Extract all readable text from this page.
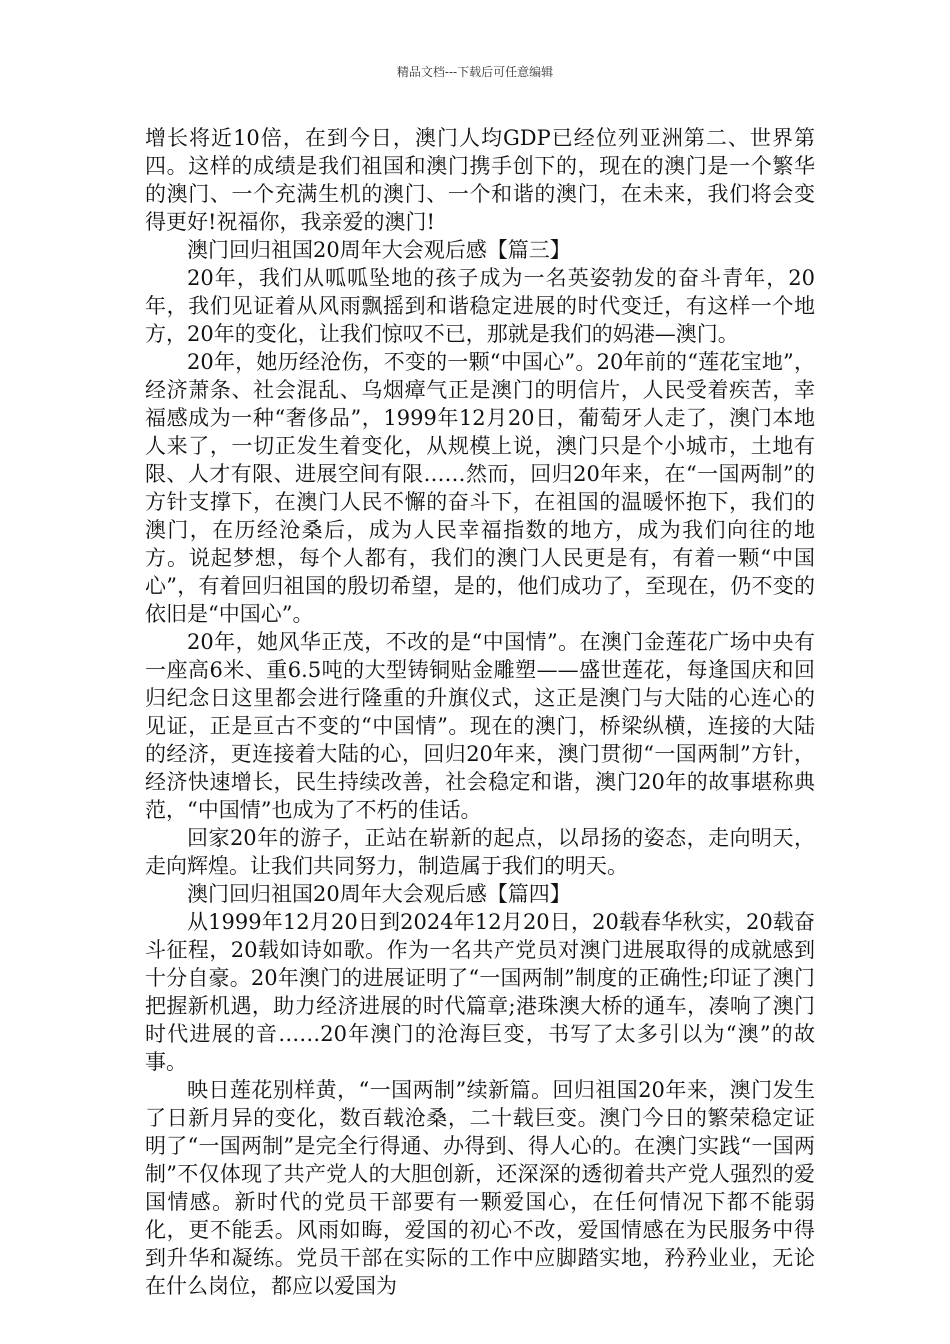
精品文档---下载后可任意编辑

增长将近10倍，在到今日，澳门人均GDP已经位列亚洲第二、世界第四。这样的成绩是我们祖国和澳门携手创下的，现在的澳门是一个繁华的澳门、一个充满生机的澳门、一个和谐的澳门，在未来，我们将会变得更好!祝福你，我亲爱的澳门!

澳门回归祖国20周年大会观后感【篇三】

20年，我们从呱呱坠地的孩子成为一名英姿勃发的奋斗青年，20年，我们见证着从风雨飘摇到和谐稳定进展的时代变迁，有这样一个地方，20年的变化，让我们惊叹不已，那就是我们的妈港—澳门。

20年，她历经沧伤，不变的一颗“中国心”。20年前的“莲花宝地”，经济萧条、社会混乱、乌烟瘴气正是澳门的明信片，人民受着疾苦，幸福感成为一种“奢侈品”，1999年12月20日，葡萄牙人走了，澳门本地人来了，一切正发生着变化，从规模上说，澳门只是个小城市，土地有限、人才有限、进展空间有限……然而，回归20年来，在“一国两制”的方针支撑下，在澳门人民不懈的奋斗下，在祖国的温暖怀抱下，我们的澳门，在历经沧桑后，成为人民幸福指数的地方，成为我们向往的地方。说起梦想，每个人都有，我们的澳门人民更是有，有着一颗“中国心”，有着回归祖国的殷切希望，是的，他们成功了，至现在，仍不变的依旧是“中国心”。

20年，她风华正茂，不改的是“中国情”。在澳门金莲花广场中央有一座高6米、重6.5吨的大型铸铜贴金雕塑——盛世莲花，每逢国庆和回归纪念日这里都会进行隆重的升旗仪式，这正是澳门与大陆的心连心的见证，正是亘古不变的“中国情”。现在的澳门，桥梁纵横，连接的大陆的经济，更连接着大陆的心，回归20年来，澳门贯彻“一国两制”方针，经济快速增长，民生持续改善，社会稳定和谐，澳门20年的故事堪称典范，“中国情”也成为了不朽的佳话。

回家20年的游子，正站在崭新的起点，以昂扬的姿态，走向明天，走向辉煌。让我们共同努力，制造属于我们的明天。

澳门回归祖国20周年大会观后感【篇四】

从1999年12月20日到2024年12月20日，20载春华秋实，20载奋斗征程，20载如诗如歌。作为一名共产党员对澳门进展取得的成就感到十分自豪。20年澳门的进展证明了“一国两制”制度的正确性;印证了澳门把握新机遇，助力经济进展的时代篇章;港珠澳大桥的通车，凑响了澳门时代进展的音……20年澳门的沧海巨变，书写了太多引以为“澳”的故事。

映日莲花别样黄，“一国两制”续新篇。回归祖国20年来，澳门发生了日新月异的变化，数百载沧桑，二十载巨变。澳门今日的繁荣稳定证明了“一国两制”是完全行得通、办得到、得人心的。在澳门实践“一国两制”不仅体现了共产党人的大胆创新，还深深的透彻着共产党人强烈的爱国情感。新时代的党员干部要有一颗爱国心，在任何情况下都不能弱化，更不能丢。风雨如晦，爱国的初心不改，爱国情感在为民服务中得到升华和凝练。党员干部在实际的工作中应脚踏实地，矜矜业业，无论在什么岗位，都应以爱国为
